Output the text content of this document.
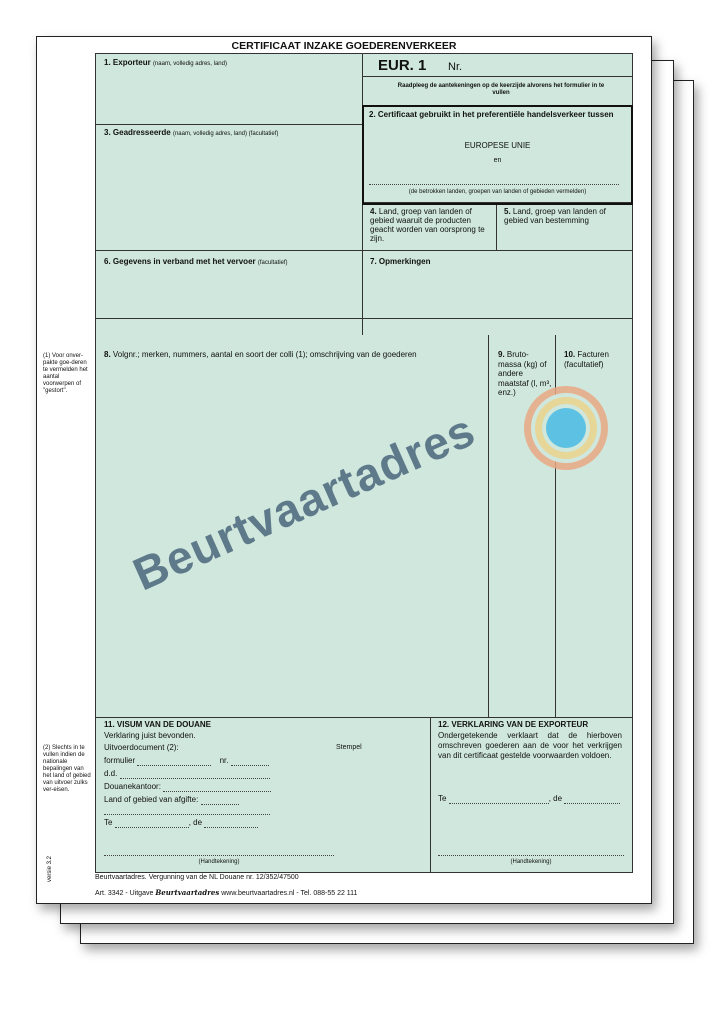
CERTIFICAAT INZAKE GOEDERENVERKEER
(1) Voor onver-pakte goe-deren te vermelden het aantal voorwerpen of "gestort".
(2) Slechts in te vullen indien de nationale bepalingen van het land of gebied van uitvoer zulks ver-eisen.
versie 3.2
1. Exporteur (naam, volledig adres, land)	EUR. 1 Nr.
Raadpleeg de aantekeningen op de keerzijde alvorens het formulier in te vullen
2. Certificaat gebruikt in het preferentiële handelsverkeer tussen
EUROPESE UNIE
en
(de betrokken landen, groepen van landen of gebieden vermelden)
3. Geadresseerde (naam, volledig adres, land) (facultatief)
4. Land, groep van landen of gebied waaruit de producten geacht worden van oorsprong te zijn.
5. Land, groep van landen of gebied van bestemming
6. Gegevens in verband met het vervoer (facultatief)	7. Opmerkingen
8. Volgnr.; merken, nummers, aantal en soort der colli (1); omschrijving van de goederen	9. Bruto-massa (kg) of andere maatstaf (l, m³, enz.)
10. Facturen (facultatief)
11. VISUM VAN DE DOUANE
Verklaring juist bevonden.
Uitvoerdocument (2):	Stempel
formulier	nr.
d.d.
Douanekantoor:
Land of gebied van afgifte:
Te	, de
(Handtekening)
12. VERKLARING VAN DE EXPORTEUR
Ondergetekende verklaart dat de hierboven omschreven goederen aan de voor het verkrijgen van dit certificaat gestelde voorwaarden voldoen.
Te	, de
(Handtekening)
Beurtvaartadres
Beurtvaartadres. Vergunning van de NL Douane nr. 12/352/47500
Art. 3342 - Uitgave Beurtvaartadres www.beurtvaartadres.nl - Tel. 088-55 22 111
